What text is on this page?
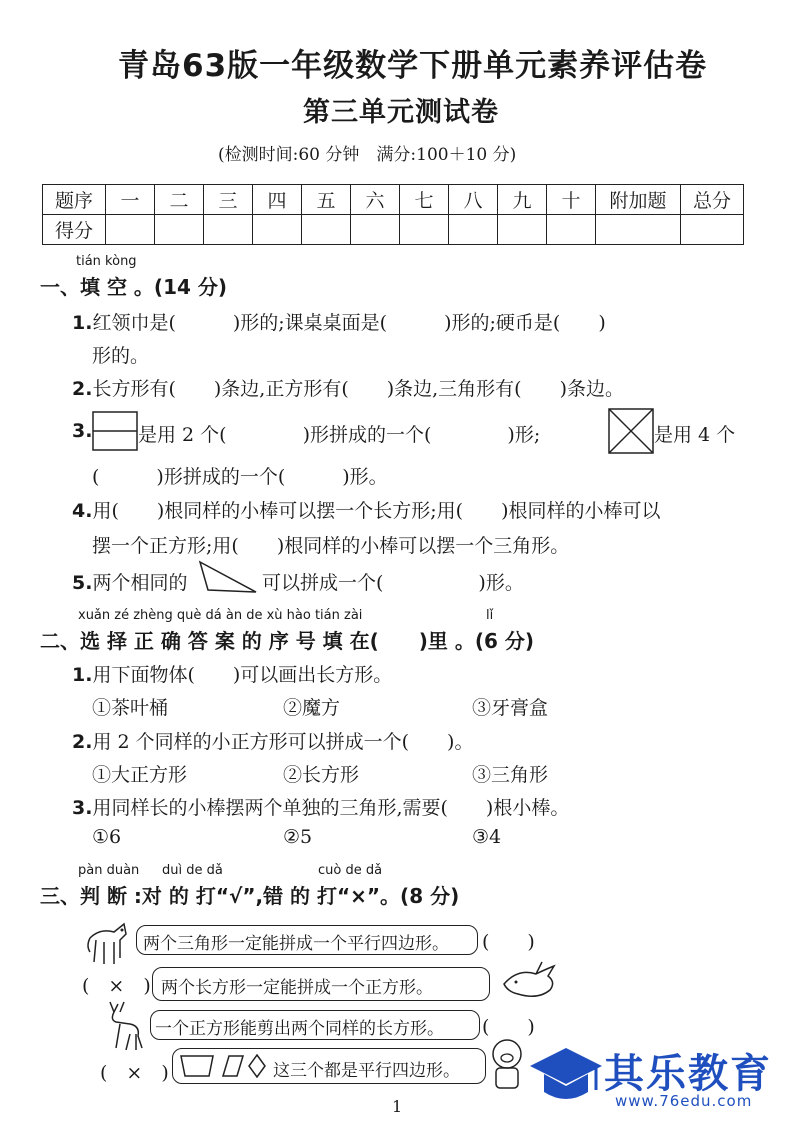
青岛63版一年级数学下册单元素养评估卷
第三单元测试卷
(检测时间:60 分钟　满分:100＋10 分)
题序	一	二	三	四	五	六	七	八	九	十	附加题	总分
得分												
tián kòng
一、填 空 。(14 分)
1.红领巾是(　　　)形的;课桌桌面是(　　　)形的;硬币是(　　)
形的。
2.长方形有(　　)条边,正方形有(　　)条边,三角形有(　　)条边。
3. 是用 2 个(　　　　)形拼成的一个(　　　　)形;	是用 4 个
(　　　)形拼成的一个(　　　)形。
4.用(　　)根同样的小棒可以摆一个长方形;用(　　)根同样的小棒可以
摆一个正方形;用(　　)根同样的小棒可以摆一个三角形。
5.两个相同的	可以拼成一个(　　　　　)形。
xuǎn zé zhèng què dá àn de xù hào tián zài	lǐ
二、选 择 正 确 答 案 的 序 号 填 在(　　)里 。(6 分)
1.用下面物体(　　)可以画出长方形。
①茶叶桶	②魔方	③牙膏盒
2.用 2 个同样的小正方形可以拼成一个(　　)。
①大正方形	②长方形	③三角形
3.用同样长的小棒摆两个单独的三角形,需要(　　)根小棒。
①6	②5	③4
pàn duàn duì de dǎ	cuò de dǎ
三、判 断 :对 的 打“√”,错 的 打“×”。(8 分)
两个三角形一定能拼成一个平行四边形。 (　　)
(　×　) 两个长方形一定能拼成一个正方形。
一个正方形能剪出两个同样的长方形。 (　　)
(　×　)	这三个都是平行四边形。	其乐教育
www.76edu.com
1
